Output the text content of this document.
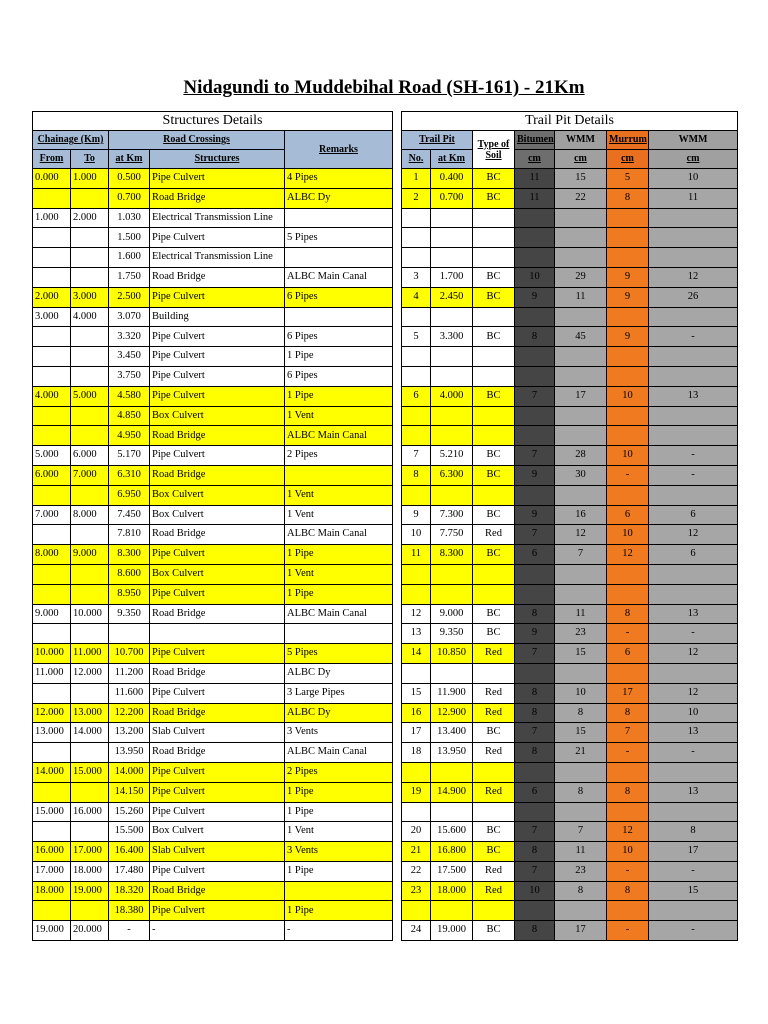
Nidagundi to Muddebihal Road (SH-161) - 21Km
Structures Details						Trail Pit Details						
Chainage (Km)		Road Crossings		Remarks		Trail Pit		Type of Soil	Bitumen	WMM	Murrum	WMM
From	To	at Km	Structures			No.	at Km		cm	cm	cm	cm
0.000	1.000	0.500	Pipe Culvert	4 Pipes		1	0.400	BC	11	15	5	10
		0.700	Road Bridge	ALBC Dy		2	0.700	BC	11	22	8	11
1.000	2.000	1.030	Electrical Transmission Line									
		1.500	Pipe Culvert	5 Pipes								
		1.600	Electrical Transmission Line									
		1.750	Road Bridge	ALBC Main Canal		3	1.700	BC	10	29	9	12
2.000	3.000	2.500	Pipe Culvert	6 Pipes		4	2.450	BC	9	11	9	26
3.000	4.000	3.070	Building									
		3.320	Pipe Culvert	6 Pipes		5	3.300	BC	8	45	9	-
		3.450	Pipe Culvert	1 Pipe								
		3.750	Pipe Culvert	6 Pipes								
4.000	5.000	4.580	Pipe Culvert	1 Pipe		6	4.000	BC	7	17	10	13
		4.850	Box Culvert	1 Vent								
		4.950	Road Bridge	ALBC Main Canal								
5.000	6.000	5.170	Pipe Culvert	2 Pipes		7	5.210	BC	7	28	10	-
6.000	7.000	6.310	Road Bridge			8	6.300	BC	9	30	-	-
		6.950	Box Culvert	1 Vent								
7.000	8.000	7.450	Box Culvert	1 Vent		9	7.300	BC	9	16	6	6
		7.810	Road Bridge	ALBC Main Canal		10	7.750	Red	7	12	10	12
8.000	9.000	8.300	Pipe Culvert	1 Pipe		11	8.300	BC	6	7	12	6
		8.600	Box Culvert	1 Vent								
		8.950	Pipe Culvert	1 Pipe								
9.000	10.000	9.350	Road Bridge	ALBC Main Canal		12	9.000	BC	8	11	8	13
						13	9.350	BC	9	23	-	-
10.000	11.000	10.700	Pipe Culvert	5 Pipes		14	10.850	Red	7	15	6	12
11.000	12.000	11.200	Road Bridge	ALBC Dy								
		11.600	Pipe Culvert	3 Large Pipes		15	11.900	Red	8	10	17	12
12.000	13.000	12.200	Road Bridge	ALBC Dy		16	12.900	Red	8	8	8	10
13.000	14.000	13.200	Slab Culvert	3 Vents		17	13.400	BC	7	15	7	13
		13.950	Road Bridge	ALBC Main Canal		18	13.950	Red	8	21	-	-
14.000	15.000	14.000	Pipe Culvert	2 Pipes								
		14.150	Pipe Culvert	1 Pipe		19	14.900	Red	6	8	8	13
15.000	16.000	15.260	Pipe Culvert	1 Pipe								
		15.500	Box Culvert	1 Vent		20	15.600	BC	7	7	12	8
16.000	17.000	16.400	Slab Culvert	3 Vents		21	16.800	BC	8	11	10	17
17.000	18.000	17.480	Pipe Culvert	1 Pipe		22	17.500	Red	7	23	-	-
18.000	19.000	18.320	Road Bridge			23	18.000	Red	10	8	8	15
		18.380	Pipe Culvert	1 Pipe								
19.000	20.000	-	-	-		24	19.000	BC	8	17	-	-
